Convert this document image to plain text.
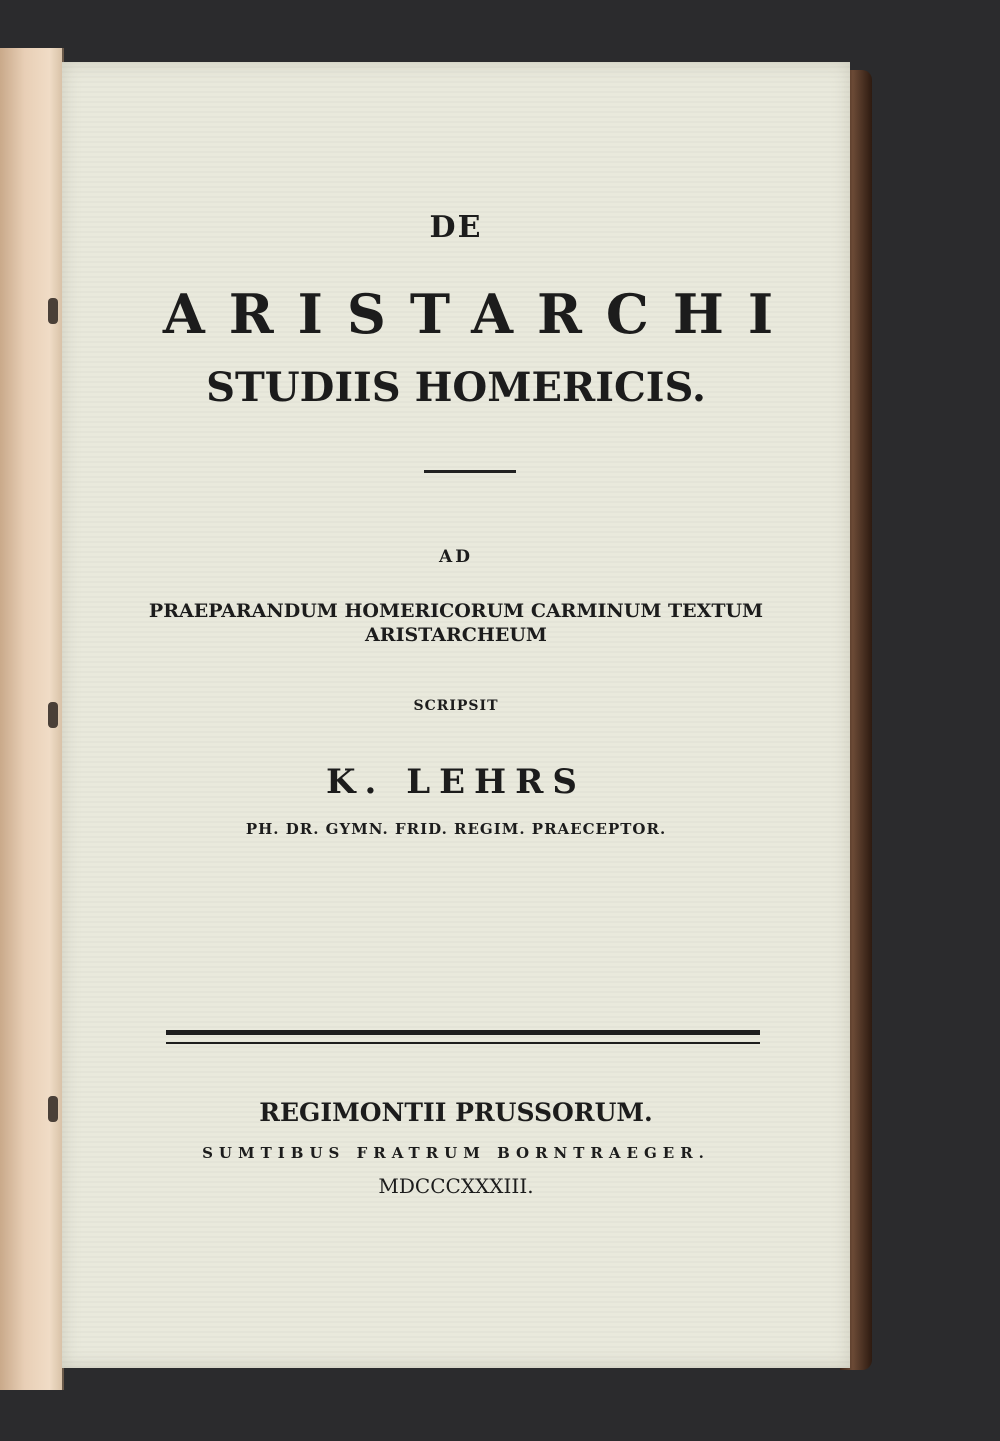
DE

ARISTARCHI

STUDIIS HOMERICIS.

AD

PRAEPARANDUM HOMERICORUM CARMINUM TEXTUM

ARISTARCHEUM

SCRIPSIT

K. LEHRS

PH. DR. GYMN. FRID. REGIM. PRAECEPTOR.

REGIMONTII PRUSSORUM.

SUMTIBUS FRATRUM BORNTRAEGER.

MDCCCXXXIII.
